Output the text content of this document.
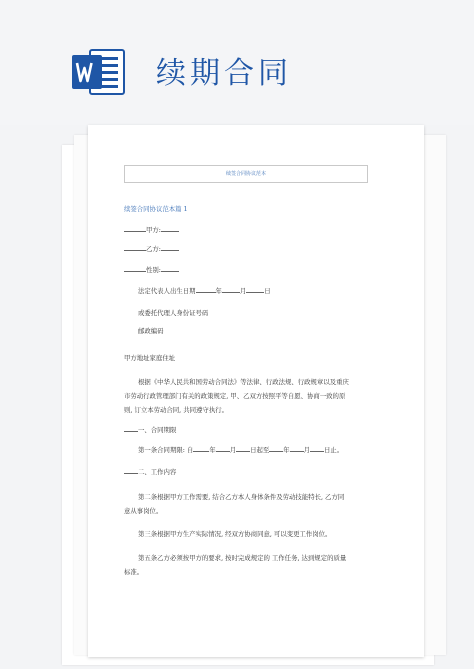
续期合同
续签合同协议范本
续签合同协议范本篇 1
甲方:
乙方:
性别:
法定代表人出生日期	年	月	日
或委托代理人身份证号码
邮政编码
甲方地址家庭住址
根据《中华人民共和国劳动合同法》等法律、行政法规、行政规章以及重庆
市劳动行政管理部门有关的政策规定, 甲、乙双方按照平等自愿、协商一致的原
则, 订立本劳动合同, 共同遵守执行。
一、合同期限
第一条合同期限: 自	年 月 日起至 年 月 日止。
二、工作内容
第二条根据甲方工作需要, 结合乙方本人身体条件及劳动技能特长, 乙方同
意从事岗位。
第三条根据甲方生产实际情况, 经双方协商同意, 可以变更工作岗位。
第五条乙方必须按甲方的要求, 按时完成规定的 工作任务, 达到规定的质量
标准。
